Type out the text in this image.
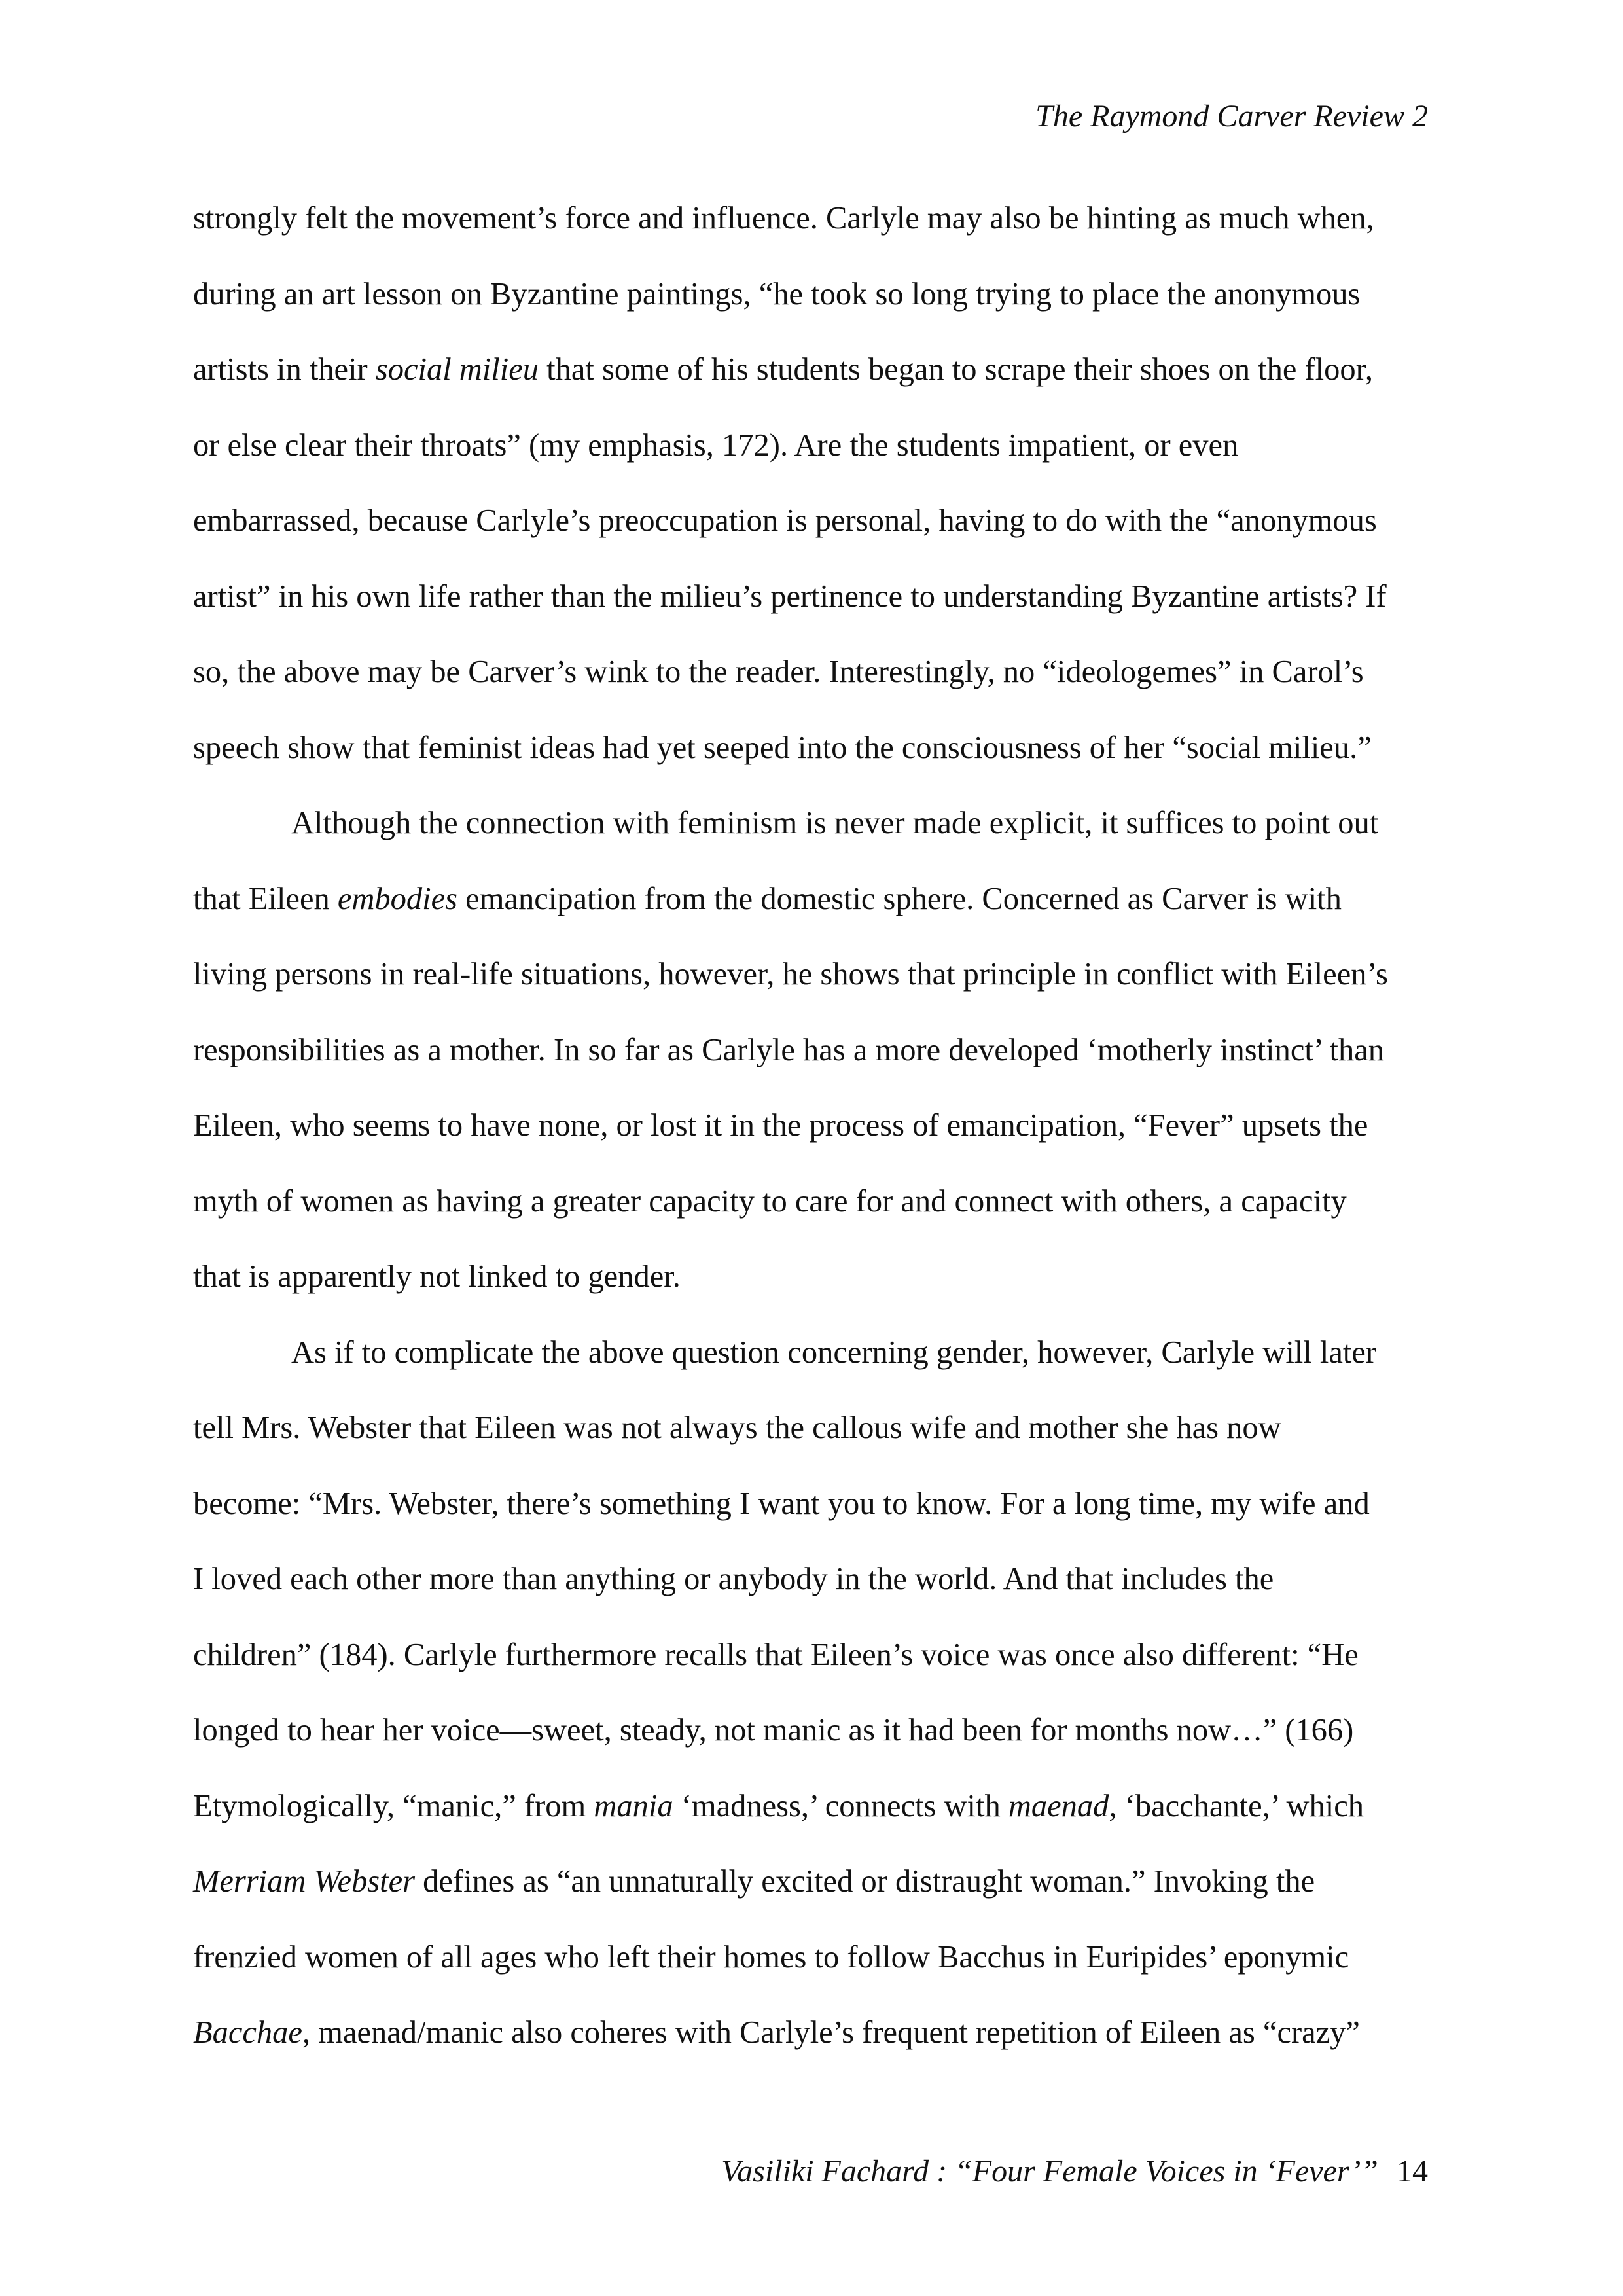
The Raymond Carver Review 2
strongly felt the movement’s force and influence. Carlyle may also be hinting as much when,
during an art lesson on Byzantine paintings, “he took so long trying to place the anonymous
artists in their social milieu that some of his students began to scrape their shoes on the floor,
or else clear their throats” (my emphasis, 172). Are the students impatient, or even
embarrassed, because Carlyle’s preoccupation is personal, having to do with the “anonymous
artist” in his own life rather than the milieu’s pertinence to understanding Byzantine artists? If
so, the above may be Carver’s wink to the reader. Interestingly, no “ideologemes” in Carol’s
speech show that feminist ideas had yet seeped into the consciousness of her “social milieu.”
Although the connection with feminism is never made explicit, it suffices to point out
that Eileen embodies emancipation from the domestic sphere. Concerned as Carver is with
living persons in real-life situations, however, he shows that principle in conflict with Eileen’s
responsibilities as a mother. In so far as Carlyle has a more developed ‘motherly instinct’ than
Eileen, who seems to have none, or lost it in the process of emancipation, “Fever” upsets the
myth of women as having a greater capacity to care for and connect with others, a capacity
that is apparently not linked to gender.
As if to complicate the above question concerning gender, however, Carlyle will later
tell Mrs. Webster that Eileen was not always the callous wife and mother she has now
become: “Mrs. Webster, there’s something I want you to know. For a long time, my wife and
I loved each other more than anything or anybody in the world. And that includes the
children” (184). Carlyle furthermore recalls that Eileen’s voice was once also different: “He
longed to hear her voice—sweet, steady, not manic as it had been for months now…” (166)
Etymologically, “manic,” from mania ‘madness,’ connects with maenad, ‘bacchante,’ which
Merriam Webster defines as “an unnaturally excited or distraught woman.” Invoking the
frenzied women of all ages who left their homes to follow Bacchus in Euripides’ eponymic
Bacchae, maenad/manic also coheres with Carlyle’s frequent repetition of Eileen as “crazy”
Vasiliki Fachard : “Four Female Voices in ‘Fever’” 14
